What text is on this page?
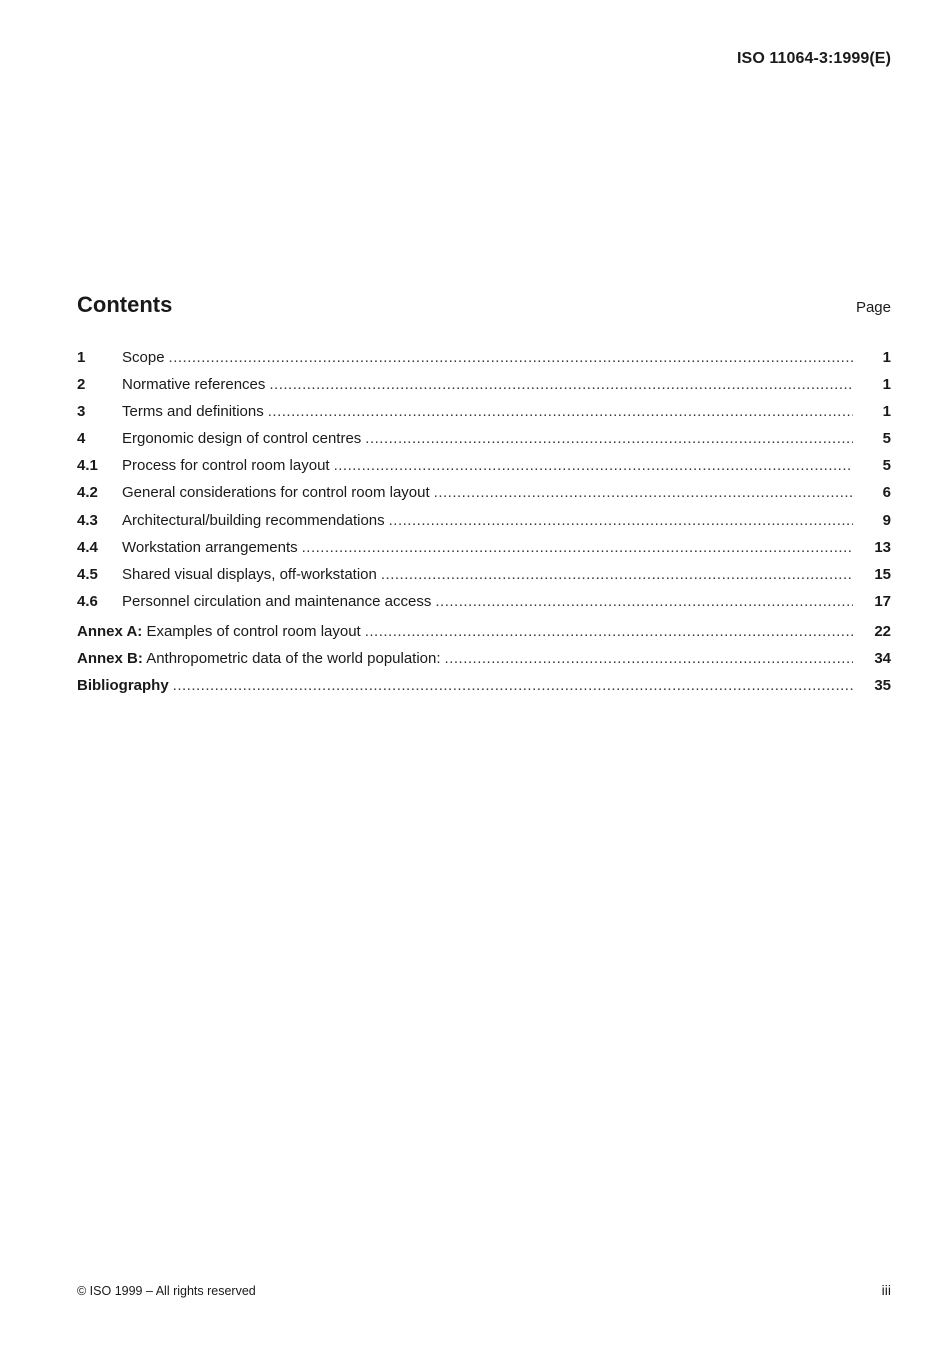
ISO 11064-3:1999(E)
Contents	Page
1	Scope .....	1
2	Normative references .....	1
3	Terms and definitions .....	1
4	Ergonomic design of control centres .....	5
4.1	Process for control room layout .....	5
4.2	General considerations for control room layout .....	6
4.3	Architectural/building recommendations .....	9
4.4	Workstation arrangements .....	13
4.5	Shared visual displays, off-workstation .....	15
4.6	Personnel circulation and maintenance access .....	17
Annex A: Examples of control room layout .....	22
Annex B: Anthropometric data of the world population: .....	34
Bibliography .....	35
© ISO 1999 – All rights reserved	iii
